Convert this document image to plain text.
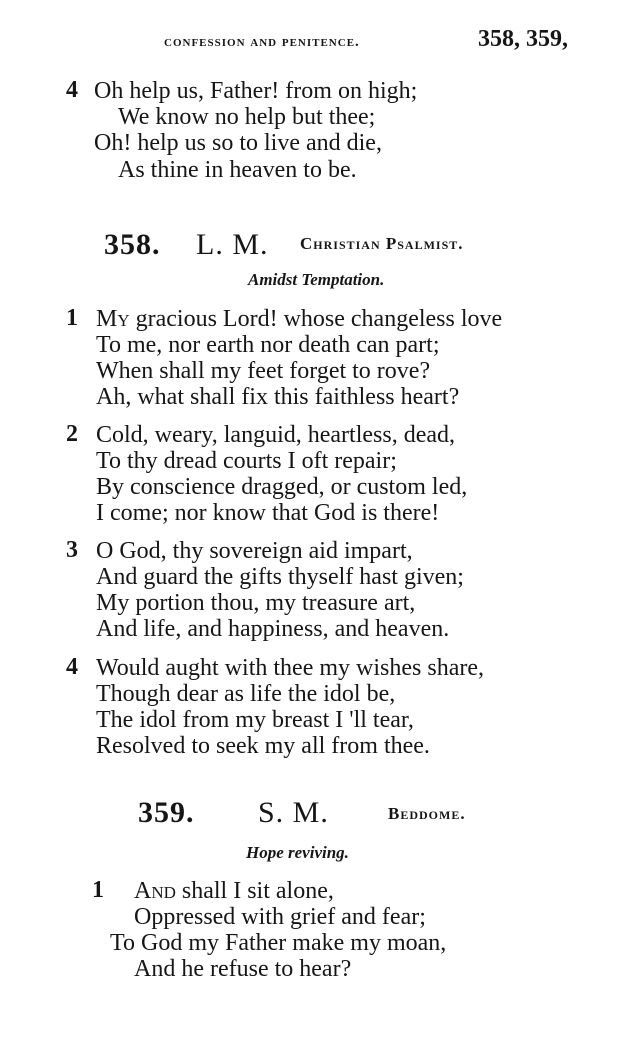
confession and penitence.	358, 359,
4 Oh help us, Father! from on high;
We know no help but thee;
Oh! help us so to live and die,
As thine in heaven to be.
358. L. M. Christian Psalmist.
Amidst Temptation.
1 My gracious Lord! whose changeless love
To me, nor earth nor death can part;
When shall my feet forget to rove?
Ah, what shall fix this faithless heart?
2 Cold, weary, languid, heartless, dead,
To thy dread courts I oft repair;
By conscience dragged, or custom led,
I come; nor know that God is there!
3 O God, thy sovereign aid impart,
And guard the gifts thyself hast given;
My portion thou, my treasure art,
And life, and happiness, and heaven.
4 Would aught with thee my wishes share,
Though dear as life the idol be,
The idol from my breast I 'll tear,
Resolved to seek my all from thee.
359. S. M.	Beddome.
Hope reviving.
1 And shall I sit alone,
Oppressed with grief and fear;
To God my Father make my moan,
And he refuse to hear?
